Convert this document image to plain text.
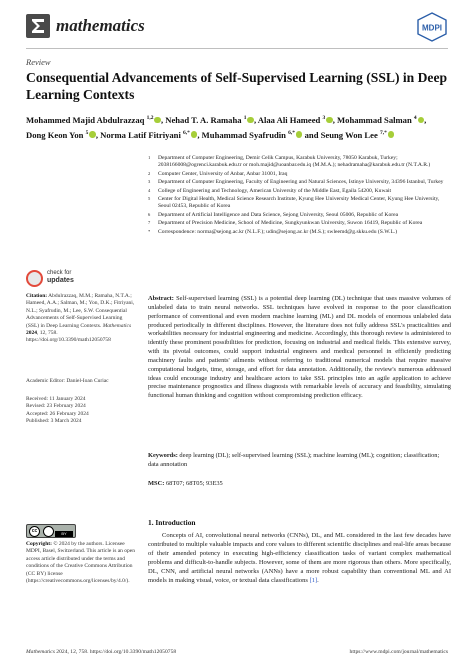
mathematics	MDPI
Review
Consequential Advancements of Self-Supervised Learning (SSL) in Deep Learning Contexts
Mohammed Majid Abdulrazzaq $^{1,2}$ , Nehad T. A. Ramaha $^1$ , Alaa Ali Hameed $^3$ , Mohammad Salman $^4$ ,
Dong Keon Yon $^5$ , Norma Latif Fitriyani $^{6,*}$ , Muhammad Syafrudin $^{6,*}$ and Seung Won Lee $^{7,*}$
1 Department of Computer Engineering, Demir Celik Campus, Karabuk University, 78050 Karabuk, Turkey; 2038166008@ogrenci.karabuk.edu.tr or moh.majid@uoanbar.edu.iq (M.M.A.); nehadramaha@karabuk.edu.tr (N.T.A.R.)
2 Computer Center, University of Anbar, Anbar 31001, Iraq
3 Department of Computer Engineering, Faculty of Engineering and Natural Sciences, Istinye University, 34396 Istanbul, Turkey
4 College of Engineering and Technology, American University of the Middle East, Egaila 54200, Kuwait
5 Center for Digital Health, Medical Science Research Institute, Kyung Hee University Medical Center, Kyung Hee University, Seoul 02453, Republic of Korea
6 Department of Artificial Intelligence and Data Science, Sejong University, Seoul 05006, Republic of Korea
7 Department of Precision Medicine, School of Medicine, Sungkyunkwan University, Suwon 16419, Republic of Korea
* Correspondence: norma@sejong.ac.kr (N.L.F.); udin@sejong.ac.kr (M.S.); swleemd@g.skku.edu (S.W.L.)
check for
updates
Citation: Abdulrazzaq, M.M.; Ramaha, N.T.A.; Hameed, A.A.; Salman, M.; Yon, D.K.; Fitriyani, N.L.; Syafrudin, M.; Lee, S.W. Consequential Advancements of Self-Supervised Learning (SSL) in Deep Learning Contexts. Mathematics 2024, 12, 758. https://doi.org/10.3390/math12050758
Academic Editor: Daniel-Ioan Curiac
Received: 11 January 2024
Revised: 23 February 2024
Accepted: 26 February 2024
Published: 3 March 2024
cc	BY
Copyright: © 2024 by the authors. Licensee MDPI, Basel, Switzerland. This article is an open access article distributed under the terms and conditions of the Creative Commons Attribution (CC BY) license (https://creativecommons.org/licenses/by/4.0/).
Abstract: Self-supervised learning (SSL) is a potential deep learning (DL) technique that uses massive volumes of unlabeled data to train neural networks. SSL techniques have evolved in response to the poor classification performance of conventional and even modern machine learning (ML) and DL models of enormous unlabeled data produced periodically in different disciplines. However, the literature does not fully address SSL's practicalities and workabilities necessary for industrial engineering and medicine. Accordingly, this thorough review is administered to identify these prominent possibilities for prediction, focusing on industrial and medical fields. This extensive survey, with its pivotal outcomes, could support industrial engineers and medical personnel in efficiently predicting machinery faults and patients' ailments without referring to traditional numerical models that require massive computational budgets, time, storage, and effort for data annotation. Additionally, the review's numerous addressed ideas could encourage industry and healthcare actors to take SSL principles into an agile application to achieve precise maintenance prognostics and illness diagnosis with remarkable levels of accuracy and feasibility, simulating functional human thinking and cognition without compromising prediction efficacy.
Keywords: deep learning (DL); self-supervised learning (SSL); machine learning (ML); cognition; classification; data annotation
MSC: 68T07; 68T05; 93E35
1. Introduction
Concepts of AI, convolutional neural networks (CNNs), DL, and ML considered in the last few decades have contributed to multiple valuable impacts and core values to different scientific disciplines and real-life areas because of their amended potency in executing high-efficiency classification tasks of variant complex mathematical problems and difficult-to-handle subjects. However, some of them are more rigorous than others. More specifically, DL, CNN, and artificial neural networks (ANNs) have a more robust capability than conventional ML and AI models in making visual, voice, or textual data classifications [1].
Mathematics 2024, 12, 758. https://doi.org/10.3390/math12050758	https://www.mdpi.com/journal/mathematics
